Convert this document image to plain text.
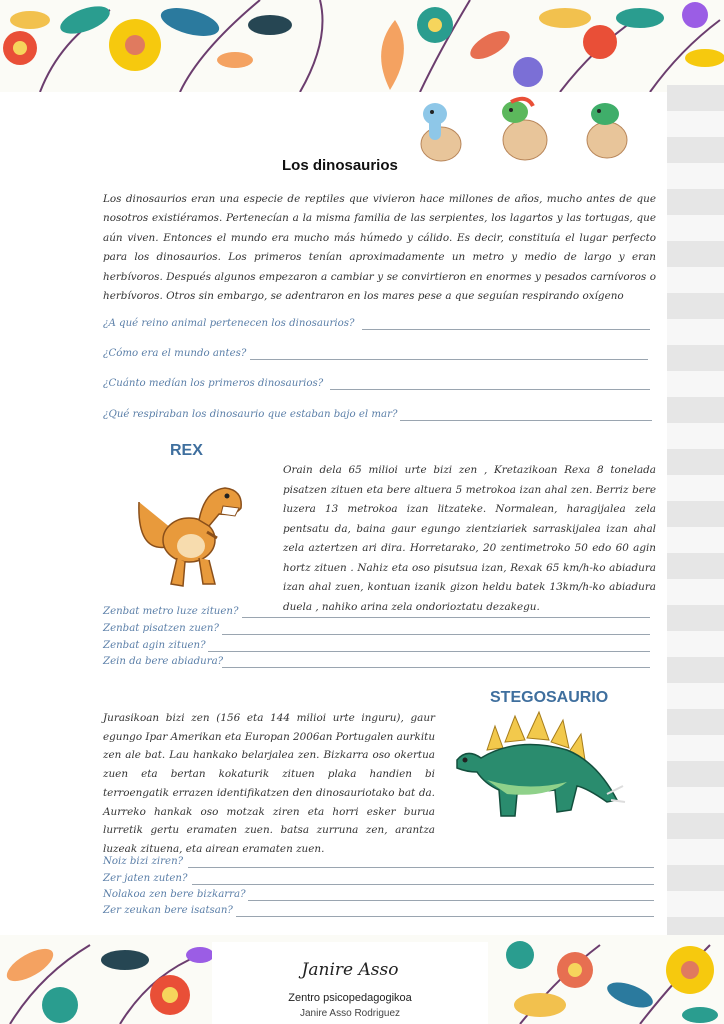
Los dinosaurios

Los dinosaurios eran una especie de reptiles que vivieron hace millones de años, mucho antes de que nosotros existiéramos. Pertenecían a la misma familia de las serpientes, los lagartos y las tortugas, que aún viven. Entonces el mundo era mucho más húmedo y cálido. Es decir, constituía el lugar perfecto para los dinosaurios. Los primeros tenían aproximadamente un metro y medio de largo y eran herbívoros. Después algunos empezaron a cambiar y se convirtieron en enormes y pesados carnívoros o herbívoros. Otros sin embargo, se adentraron en los mares pese a que seguían respirando oxígeno

¿A qué reino animal pertenecen los dinosaurios?
¿Cómo era el mundo antes?
¿Cuánto medían los primeros dinosaurios?
¿Qué respiraban los dinosaurio que estaban bajo el mar?
REX

Orain dela 65 milioi urte bizi zen , Kretazikoan Rexa 8 tonelada pisatzen zituen eta bere altuera 5 metrokoa izan ahal zen. Berriz bere luzera 13 metrokoa izan litzateke. Normalean, haragijalea zela pentsatu da, baina gaur egungo zientziariek sarraskijalea izan ahal zela aztertzen ari dira. Horretarako, 20 zentimetroko 50 edo 60 agin hortz zituen . Nahiz eta oso pisutsua izan, Rexak 65 km/h-ko abiadura izan ahal zuen, kontuan izanik gizon heldu batek 13km/h-ko abiadura duela , nahiko arina zela ondorioztatu dezakegu.

Zenbat metro luze zituen?
Zenbat pisatzen zuen?
Zenbat agin zituen?
Zein da bere abiadura?
STEGOSAURIO

Jurasikoan bizi zen (156 eta 144 milioi urte inguru), gaur egungo Ipar Amerikan eta Europan 2006an Portugalen aurkitu zen ale bat. Lau hankako belarjalea zen. Bizkarra oso okertua zuen eta bertan kokaturik zituen plaka handien bi terroengatik errazen identifikatzen den dinosauriotako bat da. Aurreko hankak oso motzak ziren eta horri esker burua lurretik gertu eramaten zuen. batsa zurruna zen, arantza luzeak zituena, eta airean eramaten zuen.

Noiz bizi ziren?
Zer jaten zuten?
Nolakoa zen bere bizkarra?
Zer zeukan bere isatsan?
Janire Asso
Zentro psicopedagogikoa
Janire Asso Rodriguez
